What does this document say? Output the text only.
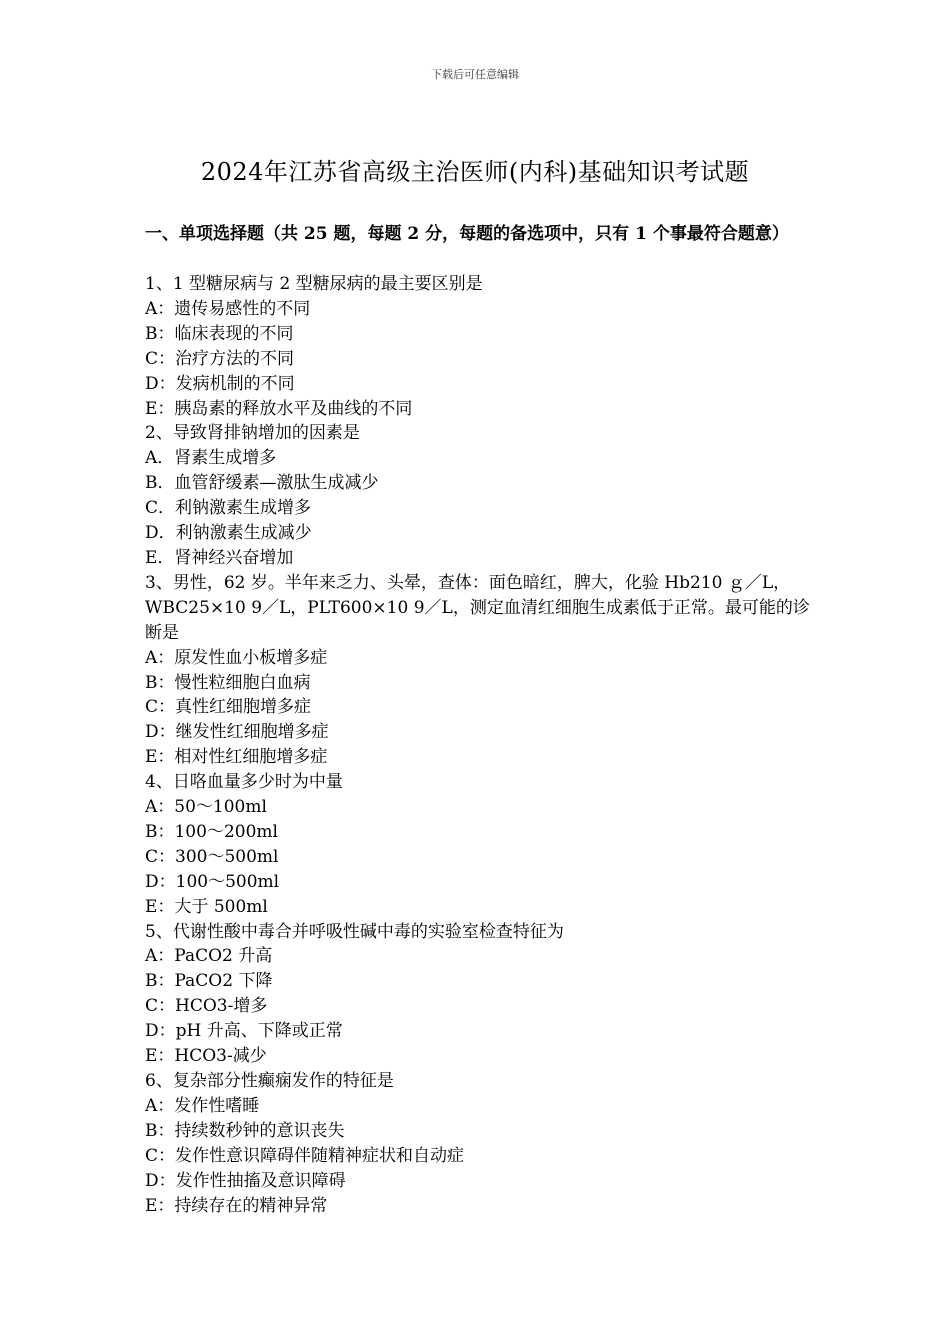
下载后可任意编辑
2024年江苏省高级主治医师(内科)基础知识考试题
一、单项选择题（共 25 题，每题 2 分，每题的备选项中，只有 1 个事最符合题意）
1、1 型糖尿病与 2 型糖尿病的最主要区别是
A：遗传易感性的不同
B：临床表现的不同
C：治疗方法的不同
D：发病机制的不同
E：胰岛素的释放水平及曲线的不同
2、导致肾排钠增加的因素是
A．肾素生成增多
B．血管舒缓素—激肽生成减少
C．利钠激素生成增多
D．利钠激素生成减少
E．肾神经兴奋增加
3、男性，62 岁。半年来乏力、头晕，查体：面色暗红，脾大，化验 Hb210 ｇ／L，WBC25×10 9／L，PLT600×10 9／L，测定血清红细胞生成素低于正常。最可能的诊断是
A：原发性血小板增多症
B：慢性粒细胞白血病
C：真性红细胞增多症
D：继发性红细胞增多症
E：相对性红细胞增多症
4、日咯血量多少时为中量
A：50～100ml
B：100～200ml
C：300～500ml
D：100～500ml
E：大于 500ml
5、代谢性酸中毒合并呼吸性碱中毒的实验室检查特征为
A：PaCO2 升高
B：PaCO2 下降
C：HCO3-增多
D：pH 升高、下降或正常
E：HCO3-减少
6、复杂部分性癫痫发作的特征是
A：发作性嗜睡
B：持续数秒钟的意识丧失
C：发作性意识障碍伴随精神症状和自动症
D：发作性抽搐及意识障碍
E：持续存在的精神异常
